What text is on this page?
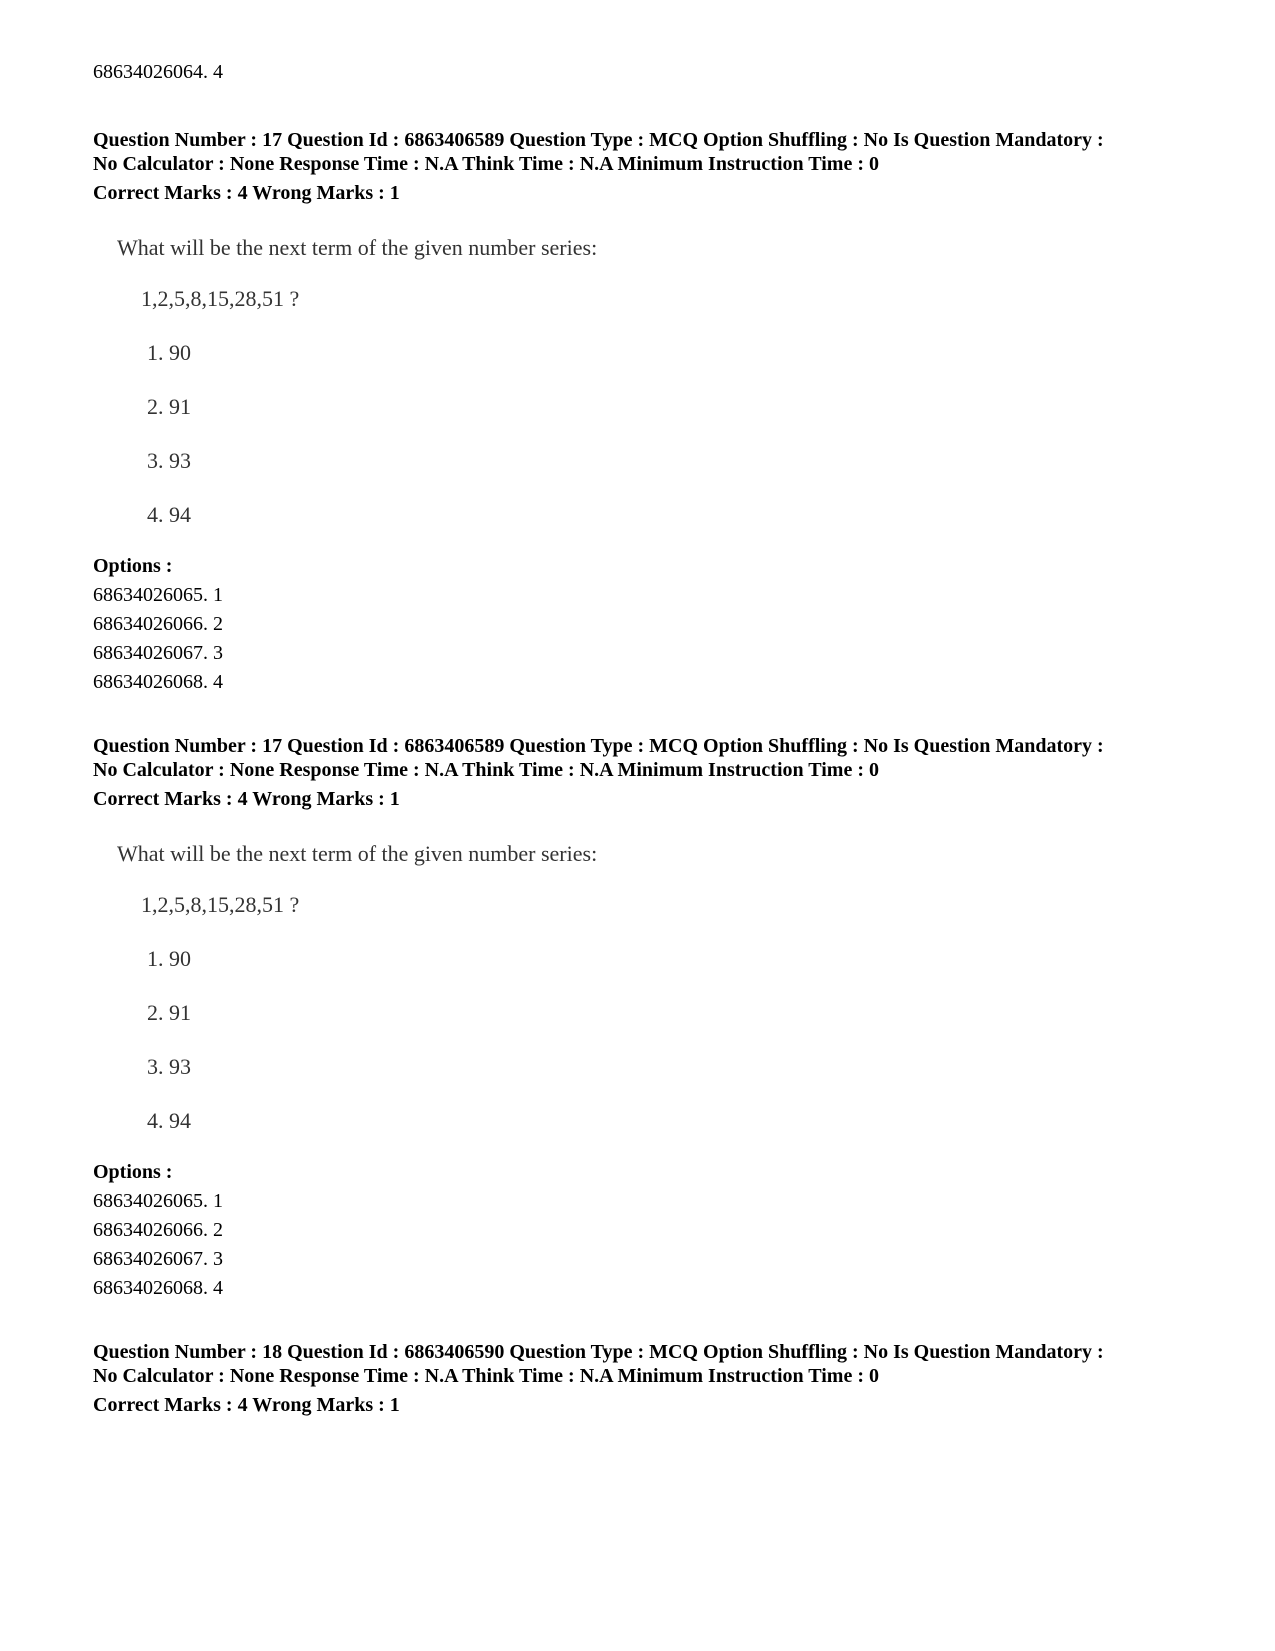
68634026064. 4
Question Number : 17 Question Id : 6863406589 Question Type : MCQ Option Shuffling : No Is Question Mandatory :
No Calculator : None Response Time : N.A Think Time : N.A Minimum Instruction Time : 0
Correct Marks : 4 Wrong Marks : 1
What will be the next term of the given number series:
1,2,5,8,15,28,51 ?
1. 90
2. 91
3. 93
4. 94
Options :
68634026065. 1
68634026066. 2
68634026067. 3
68634026068. 4
Question Number : 17 Question Id : 6863406589 Question Type : MCQ Option Shuffling : No Is Question Mandatory :
No Calculator : None Response Time : N.A Think Time : N.A Minimum Instruction Time : 0
Correct Marks : 4 Wrong Marks : 1
What will be the next term of the given number series:
1,2,5,8,15,28,51 ?
1. 90
2. 91
3. 93
4. 94
Options :
68634026065. 1
68634026066. 2
68634026067. 3
68634026068. 4
Question Number : 18 Question Id : 6863406590 Question Type : MCQ Option Shuffling : No Is Question Mandatory :
No Calculator : None Response Time : N.A Think Time : N.A Minimum Instruction Time : 0
Correct Marks : 4 Wrong Marks : 1
